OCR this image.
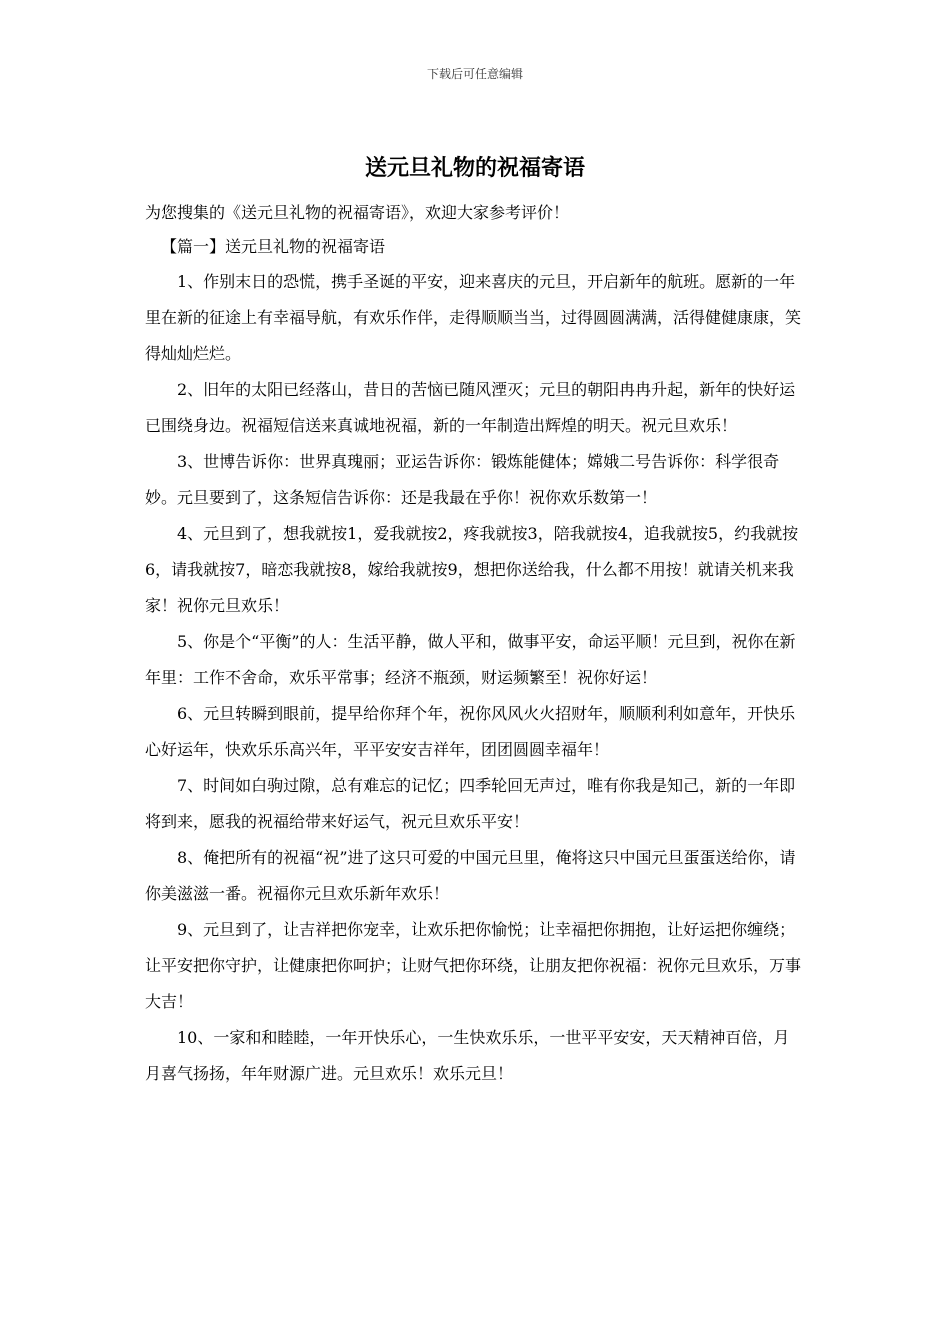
下载后可任意编辑
送元旦礼物的祝福寄语

为您搜集的《送元旦礼物的祝福寄语》，欢迎大家参考评价！

【篇一】送元旦礼物的祝福寄语

1、作别末日的恐慌，携手圣诞的平安，迎来喜庆的元旦，开启新年的航班。愿新的一年里在新的征途上有幸福导航，有欢乐作伴，走得顺顺当当，过得圆圆满满，活得健健康康，笑得灿灿烂烂。

2、旧年的太阳已经落山，昔日的苦恼已随风湮灭；元旦的朝阳冉冉升起，新年的快好运已围绕身边。祝福短信送来真诚地祝福，新的一年制造出辉煌的明天。祝元旦欢乐！

3、世博告诉你：世界真瑰丽；亚运告诉你：锻炼能健体；嫦娥二号告诉你：科学很奇妙。元旦要到了，这条短信告诉你：还是我最在乎你！祝你欢乐数第一！

4、元旦到了，想我就按1，爱我就按2，疼我就按3，陪我就按4，追我就按5，约我就按6，请我就按7，暗恋我就按8，嫁给我就按9，想把你送给我，什么都不用按！就请关机来我家！祝你元旦欢乐！

5、你是个“平衡”的人：生活平静，做人平和，做事平安，命运平顺！元旦到，祝你在新年里：工作不舍命，欢乐平常事；经济不瓶颈，财运频繁至！祝你好运！

6、元旦转瞬到眼前，提早给你拜个年，祝你风风火火招财年，顺顺利利如意年，开快乐心好运年，快欢乐乐高兴年，平平安安吉祥年，团团圆圆幸福年！

7、时间如白驹过隙，总有难忘的记忆；四季轮回无声过，唯有你我是知己，新的一年即将到来，愿我的祝福给带来好运气，祝元旦欢乐平安！

8、俺把所有的祝福“祝”进了这只可爱的中国元旦里，俺将这只中国元旦蛋蛋送给你，请你美滋滋一番。祝福你元旦欢乐新年欢乐！

9、元旦到了，让吉祥把你宠幸，让欢乐把你愉悦；让幸福把你拥抱，让好运把你缠绕；让平安把你守护，让健康把你呵护；让财气把你环绕，让朋友把你祝福：祝你元旦欢乐，万事大吉！

10、一家和和睦睦，一年开快乐心，一生快欢乐乐，一世平平安安，天天精神百倍，月月喜气扬扬，年年财源广进。元旦欢乐！欢乐元旦！
